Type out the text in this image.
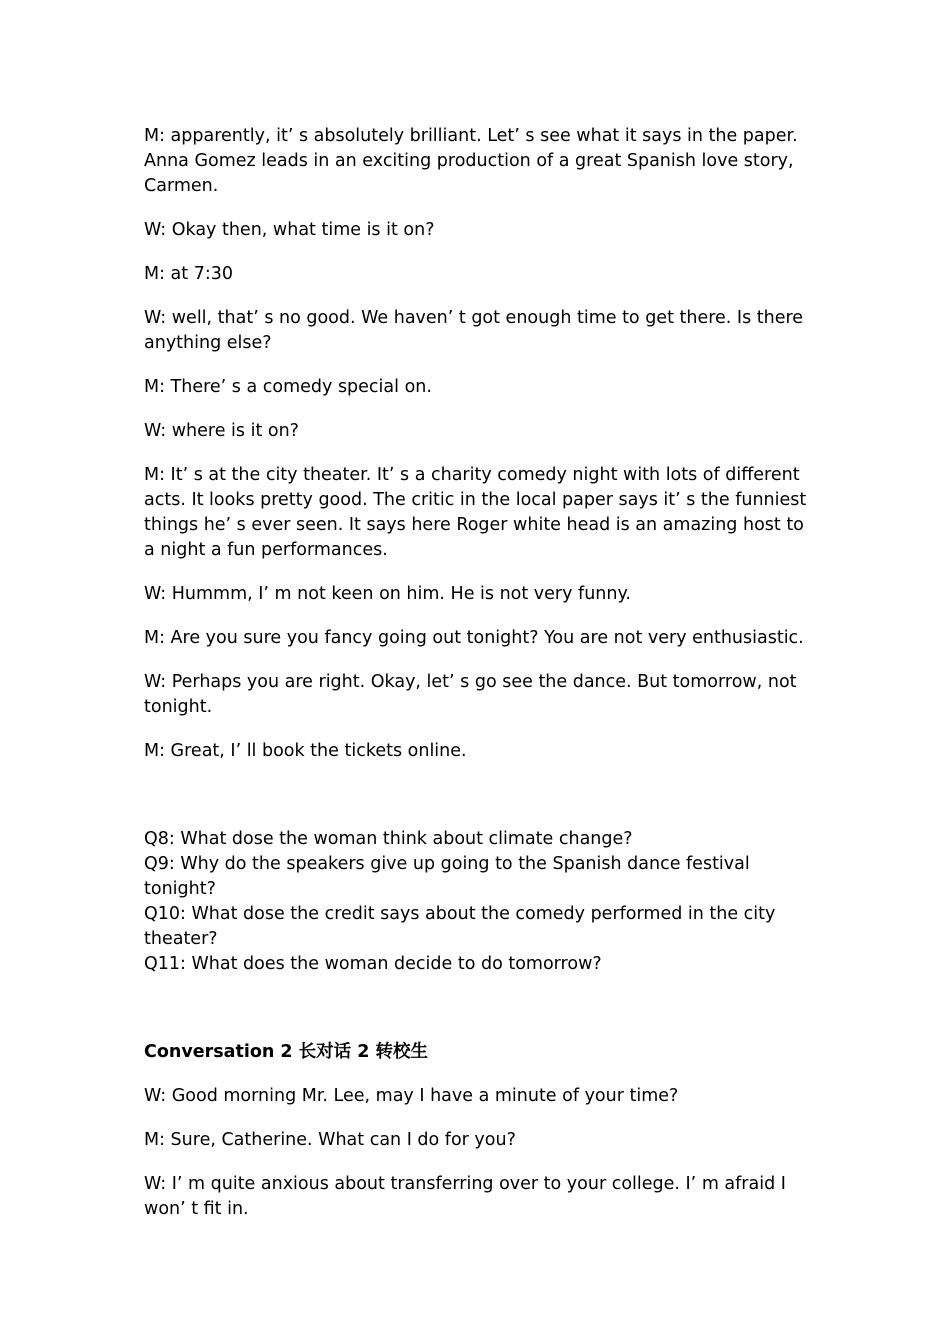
M: apparently, it’ s absolutely brilliant. Let’ s see what it says in the paper. Anna Gomez leads in an exciting production of a great Spanish love story, Carmen.

W: Okay then, what time is it on?

M: at 7:30

W: well, that’ s no good. We haven’ t got enough time to get there. Is there anything else?

M: There’ s a comedy special on.

W: where is it on?

M: It’ s at the city theater. It’ s a charity comedy night with lots of different acts. It looks pretty good. The critic in the local paper says it’ s the funniest things he’ s ever seen. It says here Roger white head is an amazing host to a night a fun performances.

W: Hummm, I’ m not keen on him. He is not very funny.

M: Are you sure you fancy going out tonight? You are not very enthusiastic.

W: Perhaps you are right. Okay, let’ s go see the dance. But tomorrow, not tonight.

M: Great, I’ ll book the tickets online.

Q8: What dose the woman think about climate change?

Q9: Why do the speakers give up going to the Spanish dance festival tonight?

Q10: What dose the credit says about the comedy performed in the city theater?

Q11: What does the woman decide to do tomorrow?

Conversation 2 长对话 2 转校生

W: Good morning Mr. Lee, may I have a minute of your time?

M: Sure, Catherine. What can I do for you?

W: I’ m quite anxious about transferring over to your college. I’ m afraid I won’ t fit in.
